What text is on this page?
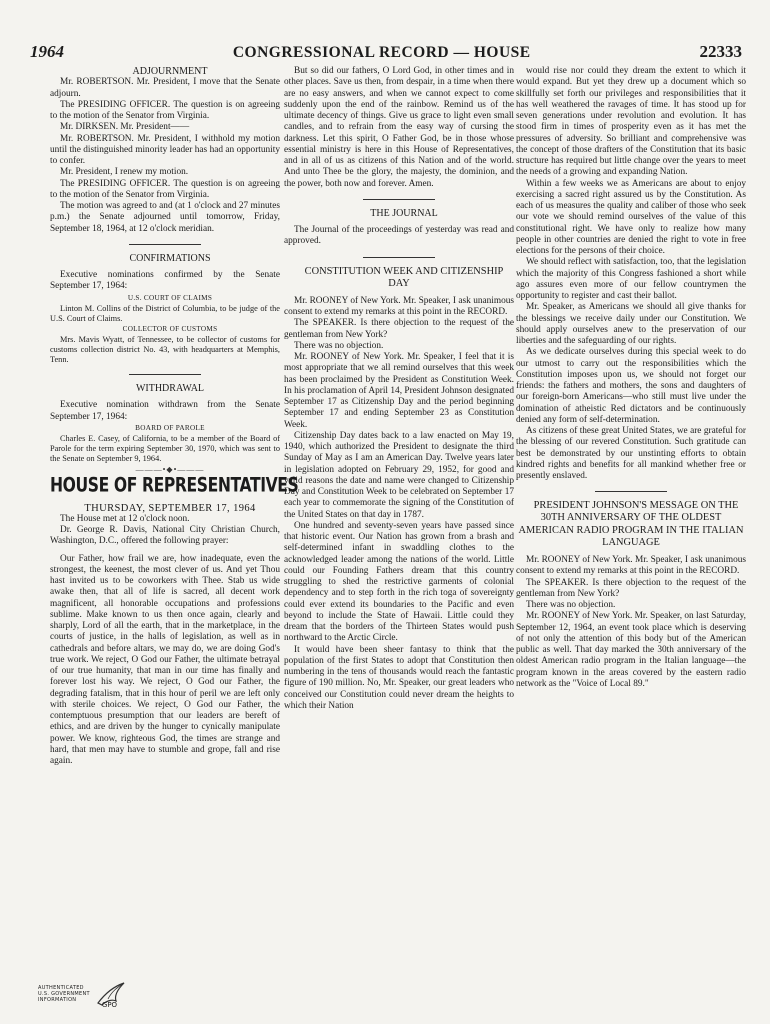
1964	CONGRESSIONAL RECORD — HOUSE	22333

ADJOURNMENT

Mr. ROBERTSON. Mr. President, I move that the Senate adjourn.

The PRESIDING OFFICER. The question is on agreeing to the motion of the Senator from Virginia.

Mr. DIRKSEN. Mr. President——

Mr. ROBERTSON. Mr. President, I withhold my motion until the distinguished minority leader has had an opportunity to confer.

Mr. President, I renew my motion.

The PRESIDING OFFICER. The question is on agreeing to the motion of the Senator from Virginia.

The motion was agreed to and (at 1 o'clock and 27 minutes p.m.) the Senate adjourned until tomorrow, Friday, September 18, 1964, at 12 o'clock meridian.

CONFIRMATIONS

Executive nominations confirmed by the Senate September 17, 1964:

U.S. COURT OF CLAIMS

Linton M. Collins of the District of Columbia, to be judge of the U.S. Court of Claims.

COLLECTOR OF CUSTOMS

Mrs. Mavis Wyatt, of Tennessee, to be collector of customs for customs collection district No. 43, with headquarters at Memphis, Tenn.

WITHDRAWAL

Executive nomination withdrawn from the Senate September 17, 1964:

BOARD OF PAROLE

Charles E. Casey, of California, to be a member of the Board of Parole for the term expiring September 30, 1970, which was sent to the Senate on September 9, 1964.

———•◆•———

HOUSE OF REPRESENTATIVES

THURSDAY, SEPTEMBER 17, 1964

The House met at 12 o'clock noon.

Dr. George R. Davis, National City Christian Church, Washington, D.C., offered the following prayer:

Our Father, how frail we are, how inadequate, even the strongest, the keenest, the most clever of us. And yet Thou hast invited us to be coworkers with Thee. Stab us wide awake then, that all of life is sacred, all decent work magnificent, all honorable occupations and professions sublime. Make known to us then once again, clearly and sharply, Lord of all the earth, that in the marketplace, in the courts of justice, in the halls of legislation, as well as in cathedrals and before altars, we may do, we are doing God's true work. We reject, O God our Father, the ultimate betrayal of our true humanity, that man in our time has finally and forever lost his way. We reject, O God our Father, the degrading fatalism, that in this hour of peril we are left only with sterile choices. We reject, O God our Father, the contemptuous presumption that our leaders are bereft of ethics, and are driven by the hunger to cynically manipulate power. We know, righteous God, the times are strange and hard, that men may have to stumble and grope, fall and rise again.

But so did our fathers, O Lord God, in other times and in other places. Save us then, from despair, in a time when there are no easy answers, and when we cannot expect to come suddenly upon the end of the rainbow. Remind us of the ultimate decency of things. Give us grace to light even small candles, and to refrain from the easy way of cursing the darkness. Let this spirit, O Father God, be in those whose essential ministry is here in this House of Representatives, and in all of us as citizens of this Nation and of the world. And unto Thee be the glory, the majesty, the dominion, and the power, both now and forever. Amen.

THE JOURNAL

The Journal of the proceedings of yesterday was read and approved.

CONSTITUTION WEEK AND CITIZENSHIP DAY

Mr. ROONEY of New York. Mr. Speaker, I ask unanimous consent to extend my remarks at this point in the RECORD.

The SPEAKER. Is there objection to the request of the gentleman from New York?

There was no objection.

Mr. ROONEY of New York. Mr. Speaker, I feel that it is most appropriate that we all remind ourselves that this week has been proclaimed by the President as Constitution Week. In his proclamation of April 14, President Johnson designated September 17 as Citizenship Day and the period beginning September 17 and ending September 23 as Constitution Week.

Citizenship Day dates back to a law enacted on May 19, 1940, which authorized the President to designate the third Sunday of May as I am an American Day. Twelve years later in legislation adopted on February 29, 1952, for good and valid reasons the date and name were changed to Citizenship Day and Constitution Week to be celebrated on September 17 each year to commemorate the signing of the Constitution of the United States on that day in 1787.

One hundred and seventy-seven years have passed since that historic event. Our Nation has grown from a brash and self-determined infant in swaddling clothes to the acknowledged leader among the nations of the world. Little could our Founding Fathers dream that this country struggling to shed the restrictive garments of colonial dependency and to step forth in the rich toga of sovereignty could ever extend its boundaries to the Pacific and even beyond to include the State of Hawaii. Little could they dream that the borders of the Thirteen States would push northward to the Arctic Circle.

It would have been sheer fantasy to think that the population of the first States to adopt that Constitution then numbering in the tens of thousands would reach the fantastic figure of 190 million. No, Mr. Speaker, our great leaders who conceived our Constitution could never dream the heights to which their Nation

would rise nor could they dream the extent to which it would expand. But yet they drew up a document which so skillfully set forth our privileges and responsibilities that it has well weathered the ravages of time. It has stood up for seven generations under revolution and evolution. It has stood firm in times of prosperity even as it has met the pressures of adversity. So brilliant and comprehensive was the concept of those drafters of the Constitution that its basic structure has required but little change over the years to meet the needs of a growing and expanding Nation.

Within a few weeks we as Americans are about to enjoy exercising a sacred right assured us by the Constitution. As each of us measures the quality and caliber of those who seek our vote we should remind ourselves of the value of this constitutional right. We have only to realize how many people in other countries are denied the right to vote in free elections for the persons of their choice.

We should reflect with satisfaction, too, that the legislation which the majority of this Congress fashioned a short while ago assures even more of our fellow countrymen the opportunity to register and cast their ballot.

Mr. Speaker, as Americans we should all give thanks for the blessings we receive daily under our Constitution. We should apply ourselves anew to the preservation of our liberties and the safeguarding of our rights.

As we dedicate ourselves during this special week to do our utmost to carry out the responsibilities which the Constitution imposes upon us, we should not forget our friends: the fathers and mothers, the sons and daughters of our foreign-born Americans—who still must live under the domination of atheistic Red dictators and be continuously denied any form of self-determination.

As citizens of these great United States, we are grateful for the blessing of our revered Constitution. Such gratitude can best be demonstrated by our unstinting efforts to obtain kindred rights and benefits for all mankind whether free or presently enslaved.

PRESIDENT JOHNSON'S MESSAGE ON THE 30TH ANNIVERSARY OF THE OLDEST AMERICAN RADIO PROGRAM IN THE ITALIAN LANGUAGE

Mr. ROONEY of New York. Mr. Speaker, I ask unanimous consent to extend my remarks at this point in the RECORD.

The SPEAKER. Is there objection to the request of the gentleman from New York?

There was no objection.

Mr. ROONEY of New York. Mr. Speaker, on last Saturday, September 12, 1964, an event took place which is deserving of not only the attention of this body but of the American public as well. That day marked the 30th anniversary of the oldest American radio program in the Italian language—the program known in the areas covered by the eastern radio network as the "Voice of Local 89."

AUTHENTICATED
U.S. GOVERNMENT
INFORMATION
GPO
